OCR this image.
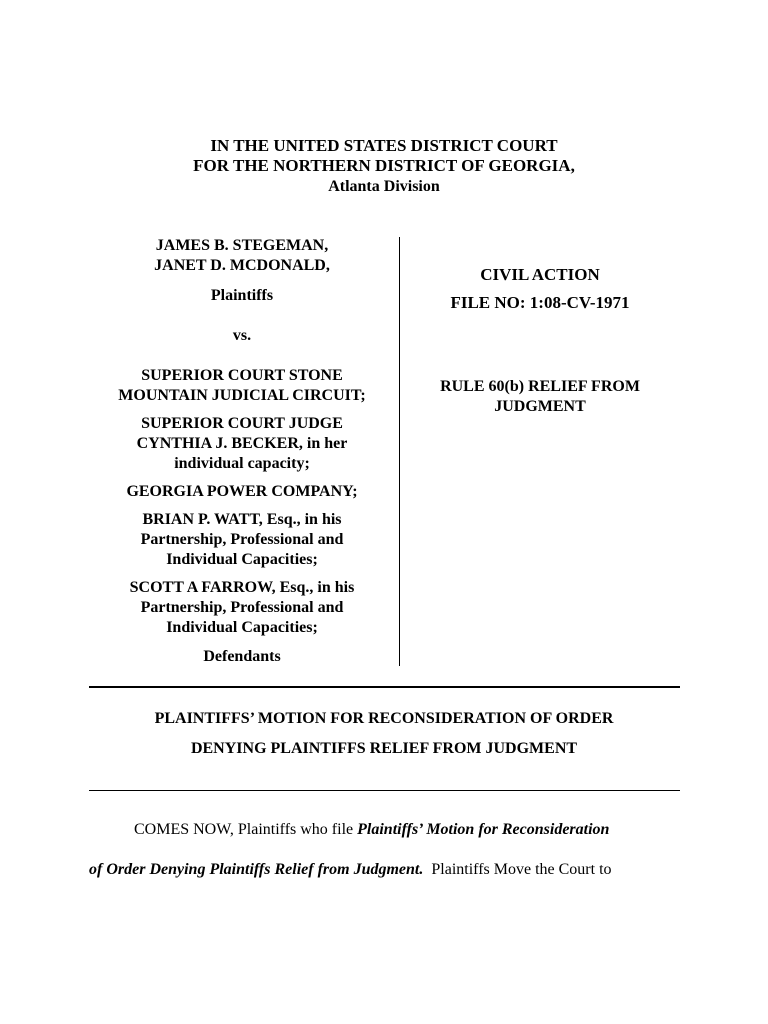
IN THE UNITED STATES DISTRICT COURT
FOR THE NORTHERN DISTRICT OF GEORGIA,
Atlanta Division
JAMES B. STEGEMAN,
JANET D. MCDONALD,
Plaintiffs
vs.
SUPERIOR COURT STONE
MOUNTAIN JUDICIAL CIRCUIT;
SUPERIOR COURT JUDGE
CYNTHIA J. BECKER, in her
individual capacity;
GEORGIA POWER COMPANY;
BRIAN P. WATT, Esq., in his
Partnership, Professional and
Individual Capacities;
SCOTT A FARROW, Esq., in his
Partnership, Professional and
Individual Capacities;
Defendants
CIVIL ACTION
FILE NO: 1:08-CV-1971
RULE 60(b) RELIEF FROM
JUDGMENT
PLAINTIFFS’ MOTION FOR RECONSIDERATION OF ORDER
DENYING PLAINTIFFS RELIEF FROM JUDGMENT
COMES NOW, Plaintiffs who file Plaintiffs’ Motion for Reconsideration
of Order Denying Plaintiffs Relief from Judgment.  Plaintiffs Move the Court to
